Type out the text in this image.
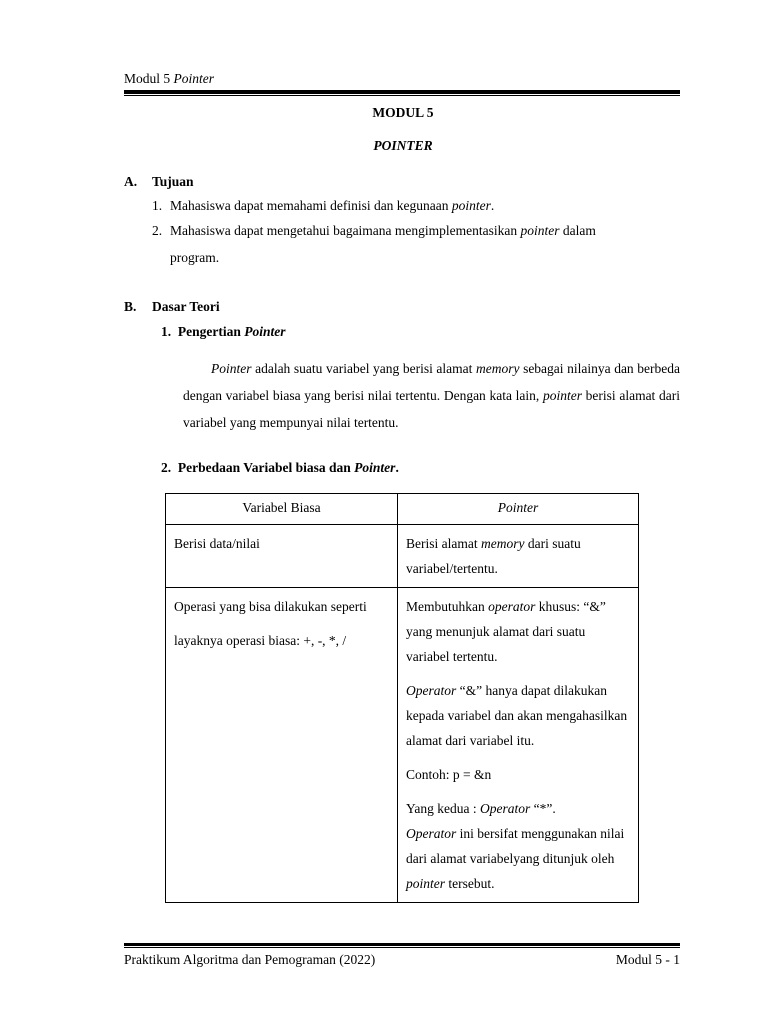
Modul 5 Pointer
MODUL 5
POINTER
A. Tujuan
1. Mahasiswa dapat memahami definisi dan kegunaan pointer.
2. Mahasiswa dapat mengetahui bagaimana mengimplementasikan pointer dalam
program.
B. Dasar Teori
1. Pengertian Pointer
Pointer adalah suatu variabel yang berisi alamat memory sebagai nilainya dan berbeda dengan variabel biasa yang berisi nilai tertentu. Dengan kata lain, pointer berisi alamat dari variabel yang mempunyai nilai tertentu.
2. Perbedaan Variabel biasa dan Pointer.
Variabel Biasa	Pointer
Berisi data/nilai	Berisi alamat memory dari suatu variabel/tertentu.
Operasi yang bisa dilakukan seperti layaknya operasi biasa: +, -, *, /	Membutuhkan operator khusus: “&” yang menunjuk alamat dari suatu variabel tertentu.
Operator “&” hanya dapat dilakukan kepada variabel dan akan mengahasilkan alamat dari variabel itu.
Contoh: p = &n
Yang kedua : Operator “*”.
Operator ini bersifat menggunakan nilai dari alamat variabelyang ditunjuk oleh pointer tersebut.
Praktikum Algoritma dan Pemograman (2022)	Modul 5 - 1
